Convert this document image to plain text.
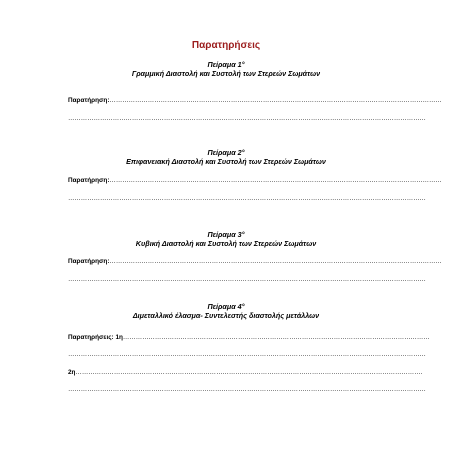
Παρατηρήσεις
Πείραμα 1°
Γραμμική Διαστολή και Συστολή των Στερεών Σωμάτων
Παρατήρηση:…………………………………………………………………………………………………………………………………………
……………………………………………………………………………………………………………………………………………………
Πείραμα 2°
Επιφανειακή Διαστολή και Συστολή των Στερεών Σωμάτων
Παρατήρηση:…………………………………………………………………………………………………………………………………………
……………………………………………………………………………………………………………………………………………………
Πείραμα 3°
Κυβική Διαστολή και Συστολή των Στερεών Σωμάτων
Παρατήρηση:…………………………………………………………………………………………………………………………………………
……………………………………………………………………………………………………………………………………………………
Πείραμα 4°
Διμεταλλικό έλασμα- Συντελεστής διαστολής μετάλλων
Παρατηρήσεις: 1η………………………………………………………………………………………………………………………………
……………………………………………………………………………………………………………………………………………………
2η……………………………………………………………………………………………………………………………………………….
……………………………………………………………………………………………………………………………………………………
